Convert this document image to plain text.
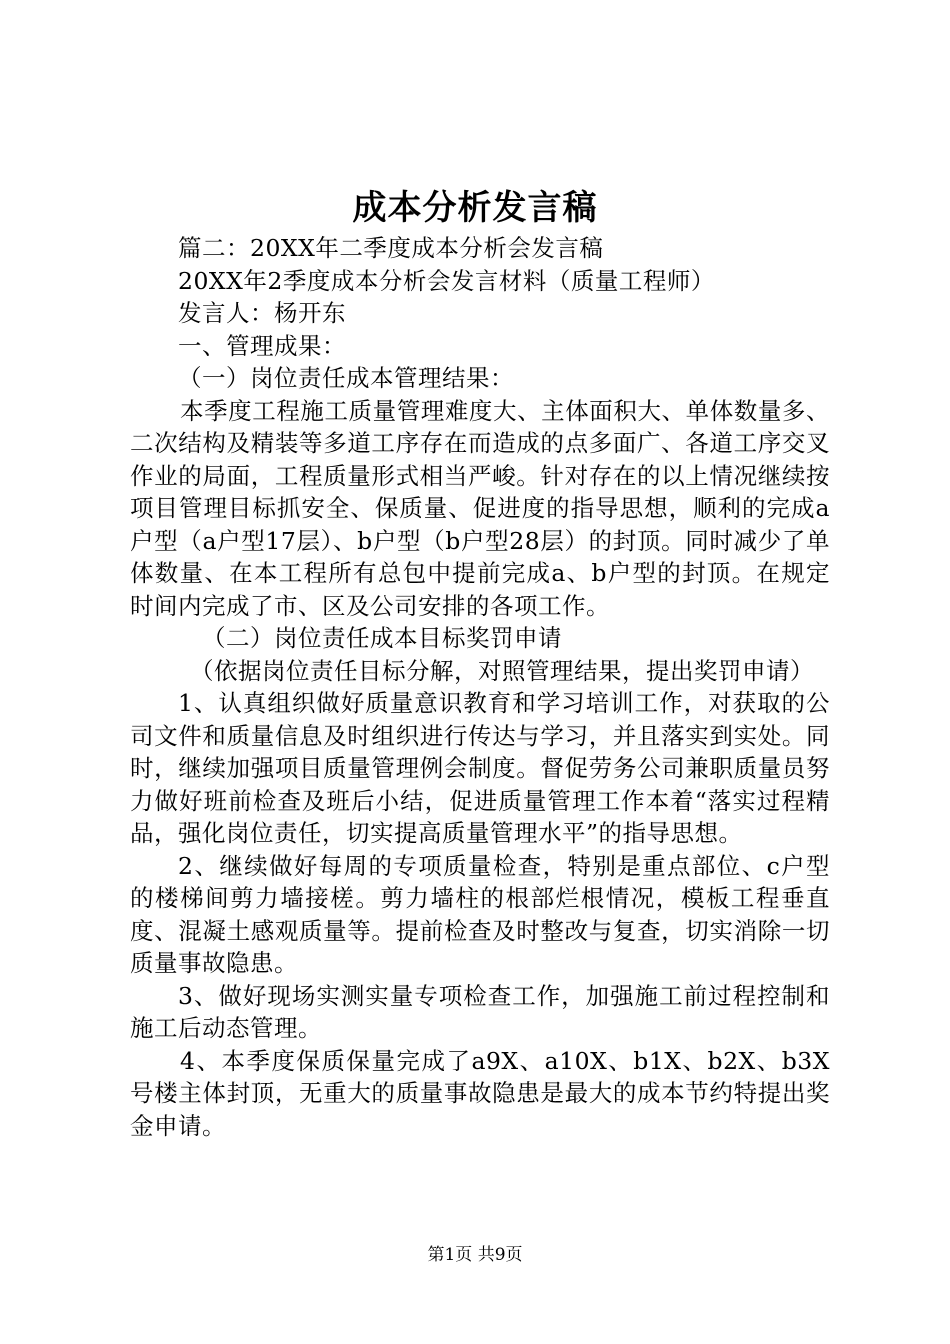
成本分析发言稿

篇二：20XX年二季度成本分析会发言稿

20XX年2季度成本分析会发言材料（质量工程师）

发言人：杨开东

一、管理成果：

（一）岗位责任成本管理结果：

本季度工程施工质量管理难度大、主体面积大、单体数量多、二次结构及精装等多道工序存在而造成的点多面广、各道工序交叉作业的局面，工程质量形式相当严峻。针对存在的以上情况继续按项目管理目标抓安全、保质量、促进度的指导思想，顺利的完成a户型（a户型17层）、b户型（b户型28层）的封顶。同时减少了单体数量、在本工程所有总包中提前完成a、b户型的封顶。在规定时间内完成了市、区及公司安排的各项工作。

（二）岗位责任成本目标奖罚申请

（依据岗位责任目标分解，对照管理结果，提出奖罚申请）

1、认真组织做好质量意识教育和学习培训工作，对获取的公司文件和质量信息及时组织进行传达与学习，并且落实到实处。同时，继续加强项目质量管理例会制度。督促劳务公司兼职质量员努力做好班前检查及班后小结，促进质量管理工作本着“落实过程精品，强化岗位责任，切实提高质量管理水平”的指导思想。

2、继续做好每周的专项质量检查，特别是重点部位、c户型的楼梯间剪力墙接槎。剪力墙柱的根部烂根情况，模板工程垂直度、混凝土感观质量等。提前检查及时整改与复查，切实消除一切质量事故隐患。

3、做好现场实测实量专项检查工作，加强施工前过程控制和施工后动态管理。

4、本季度保质保量完成了a9X、a10X、b1X、b2X、b3X号楼主体封顶，无重大的质量事故隐患是最大的成本节约特提出奖金申请。

第1页 共9页
